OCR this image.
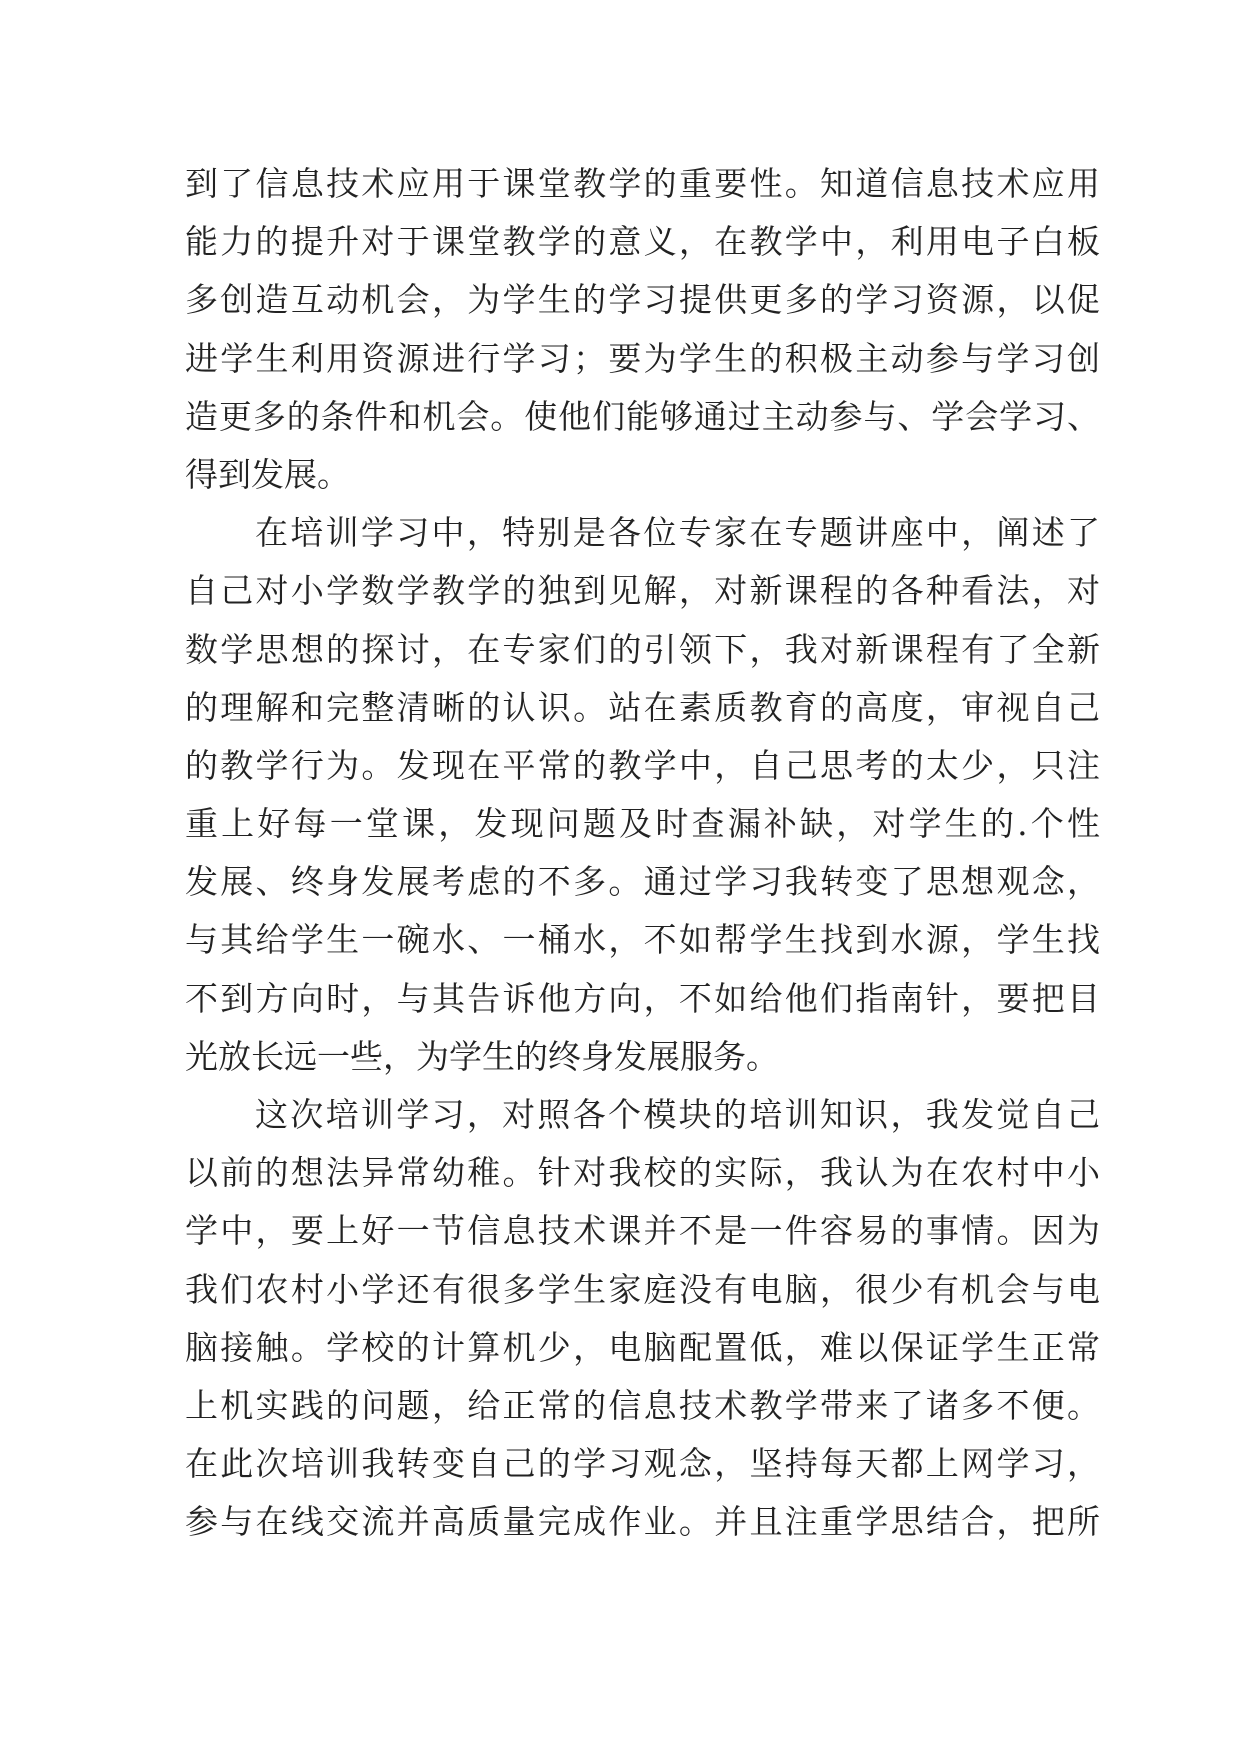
到了信息技术应用于课堂教学的重要性。知道信息技术应用
能力的提升对于课堂教学的意义，在教学中，利用电子白板
多创造互动机会，为学生的学习提供更多的学习资源，以促
进学生利用资源进行学习；要为学生的积极主动参与学习创
造更多的条件和机会。使他们能够通过主动参与、学会学习、
得到发展。
在培训学习中，特别是各位专家在专题讲座中，阐述了
自己对小学数学教学的独到见解，对新课程的各种看法，对
数学思想的探讨，在专家们的引领下，我对新课程有了全新
的理解和完整清晰的认识。站在素质教育的高度，审视自己
的教学行为。发现在平常的教学中，自己思考的太少，只注
重上好每一堂课，发现问题及时查漏补缺，对学生的.个性
发展、终身发展考虑的不多。通过学习我转变了思想观念，
与其给学生一碗水、一桶水，不如帮学生找到水源，学生找
不到方向时，与其告诉他方向，不如给他们指南针，要把目
光放长远一些，为学生的终身发展服务。
这次培训学习，对照各个模块的培训知识，我发觉自己
以前的想法异常幼稚。针对我校的实际，我认为在农村中小
学中，要上好一节信息技术课并不是一件容易的事情。因为
我们农村小学还有很多学生家庭没有电脑，很少有机会与电
脑接触。学校的计算机少，电脑配置低，难以保证学生正常
上机实践的问题，给正常的信息技术教学带来了诸多不便。
在此次培训我转变自己的学习观念，坚持每天都上网学习，
参与在线交流并高质量完成作业。并且注重学思结合，把所
